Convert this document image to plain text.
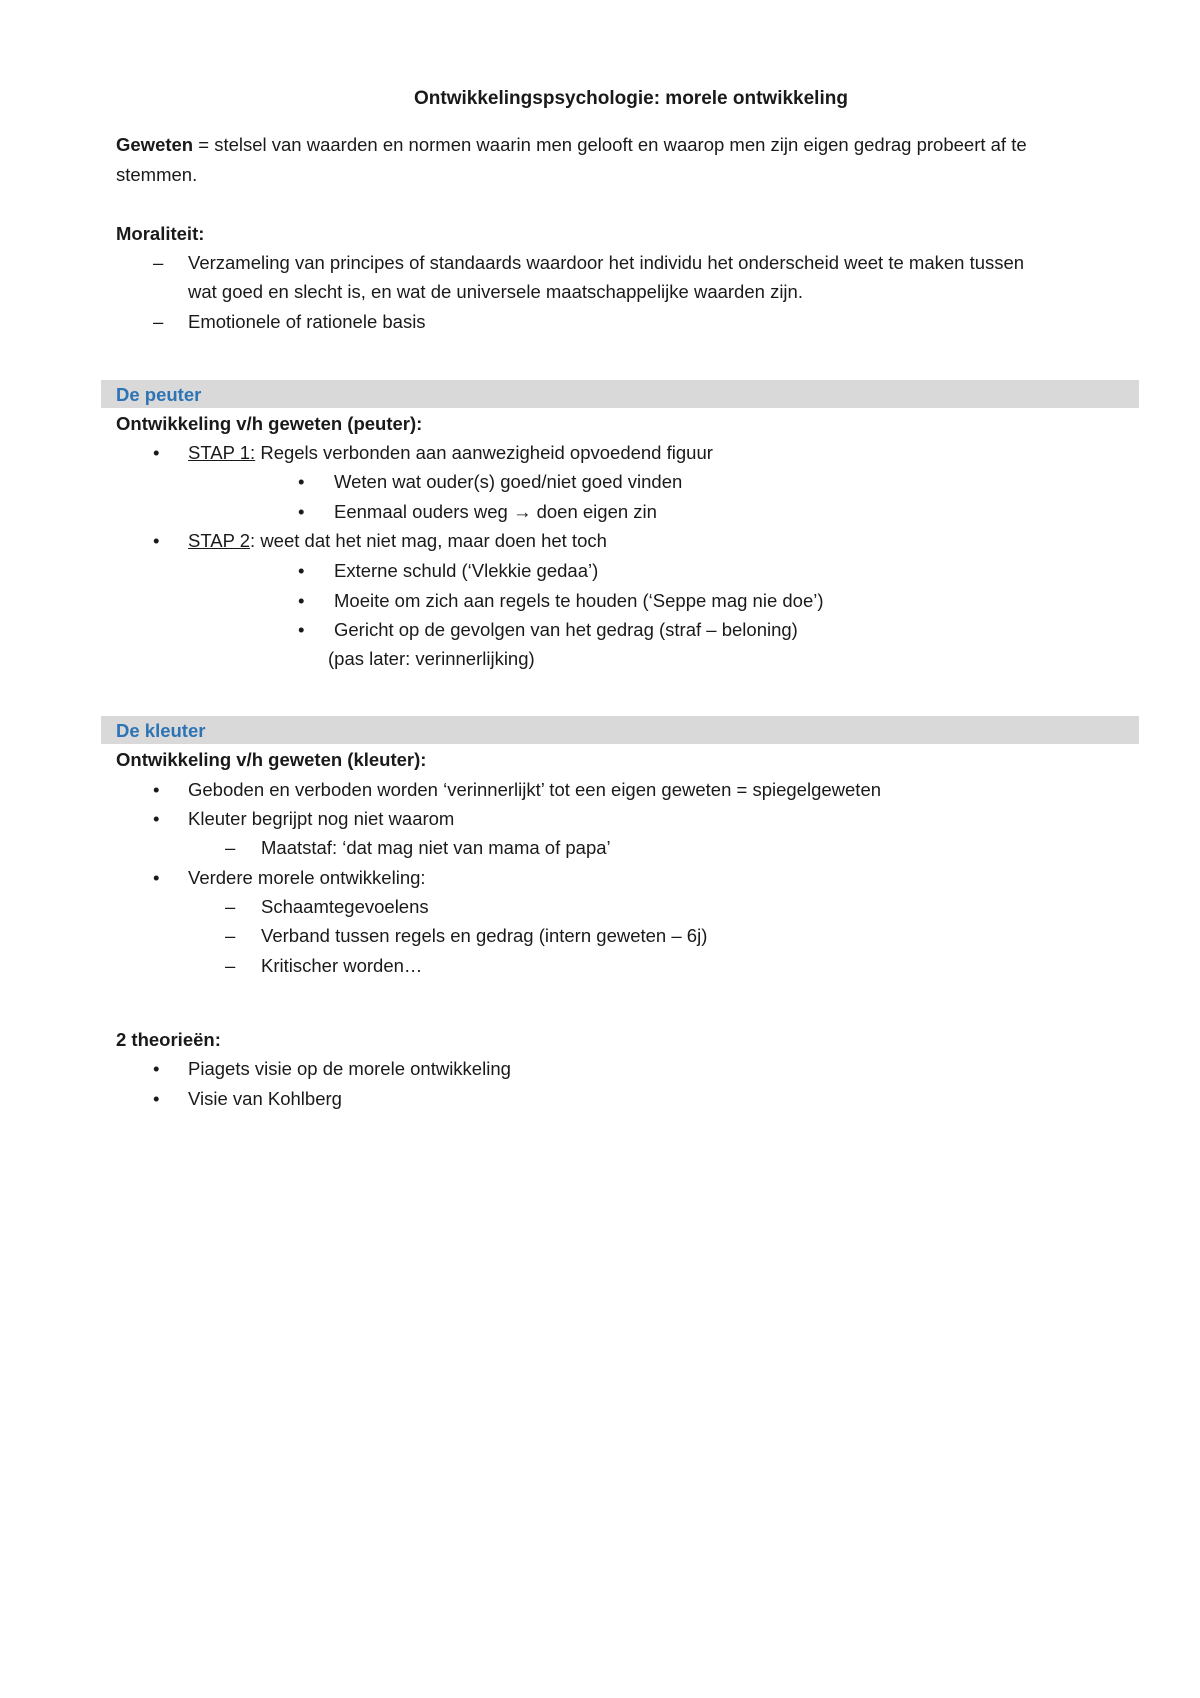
Ontwikkelingspsychologie: morele ontwikkeling
Geweten = stelsel van waarden en normen waarin men gelooft en waarop men zijn eigen gedrag probeert af te
stemmen.
Moraliteit:
– Verzameling van principes of standaards waardoor het individu het onderscheid weet te maken tussen
wat goed en slecht is, en wat de universele maatschappelijke waarden zijn.
– Emotionele of rationele basis
De peuter
Ontwikkeling v/h geweten (peuter):
• STAP 1: Regels verbonden aan aanwezigheid opvoedend figuur
• Weten wat ouder(s) goed/niet goed vinden
• Eenmaal ouders weg → doen eigen zin
• STAP 2: weet dat het niet mag, maar doen het toch
• Externe schuld (‘Vlekkie gedaa’)
• Moeite om zich aan regels te houden (‘Seppe mag nie doe’)
• Gericht op de gevolgen van het gedrag (straf – beloning)
(pas later: verinnerlijking)
De kleuter
Ontwikkeling v/h geweten (kleuter):
• Geboden en verboden worden ‘verinnerlijkt’ tot een eigen geweten = spiegelgeweten
• Kleuter begrijpt nog niet waarom
– Maatstaf: ‘dat mag niet van mama of papa’
• Verdere morele ontwikkeling:
– Schaamtegevoelens
– Verband tussen regels en gedrag (intern geweten – 6j)
– Kritischer worden…
2 theorieën:
• Piagets visie op de morele ontwikkeling
• Visie van Kohlberg
